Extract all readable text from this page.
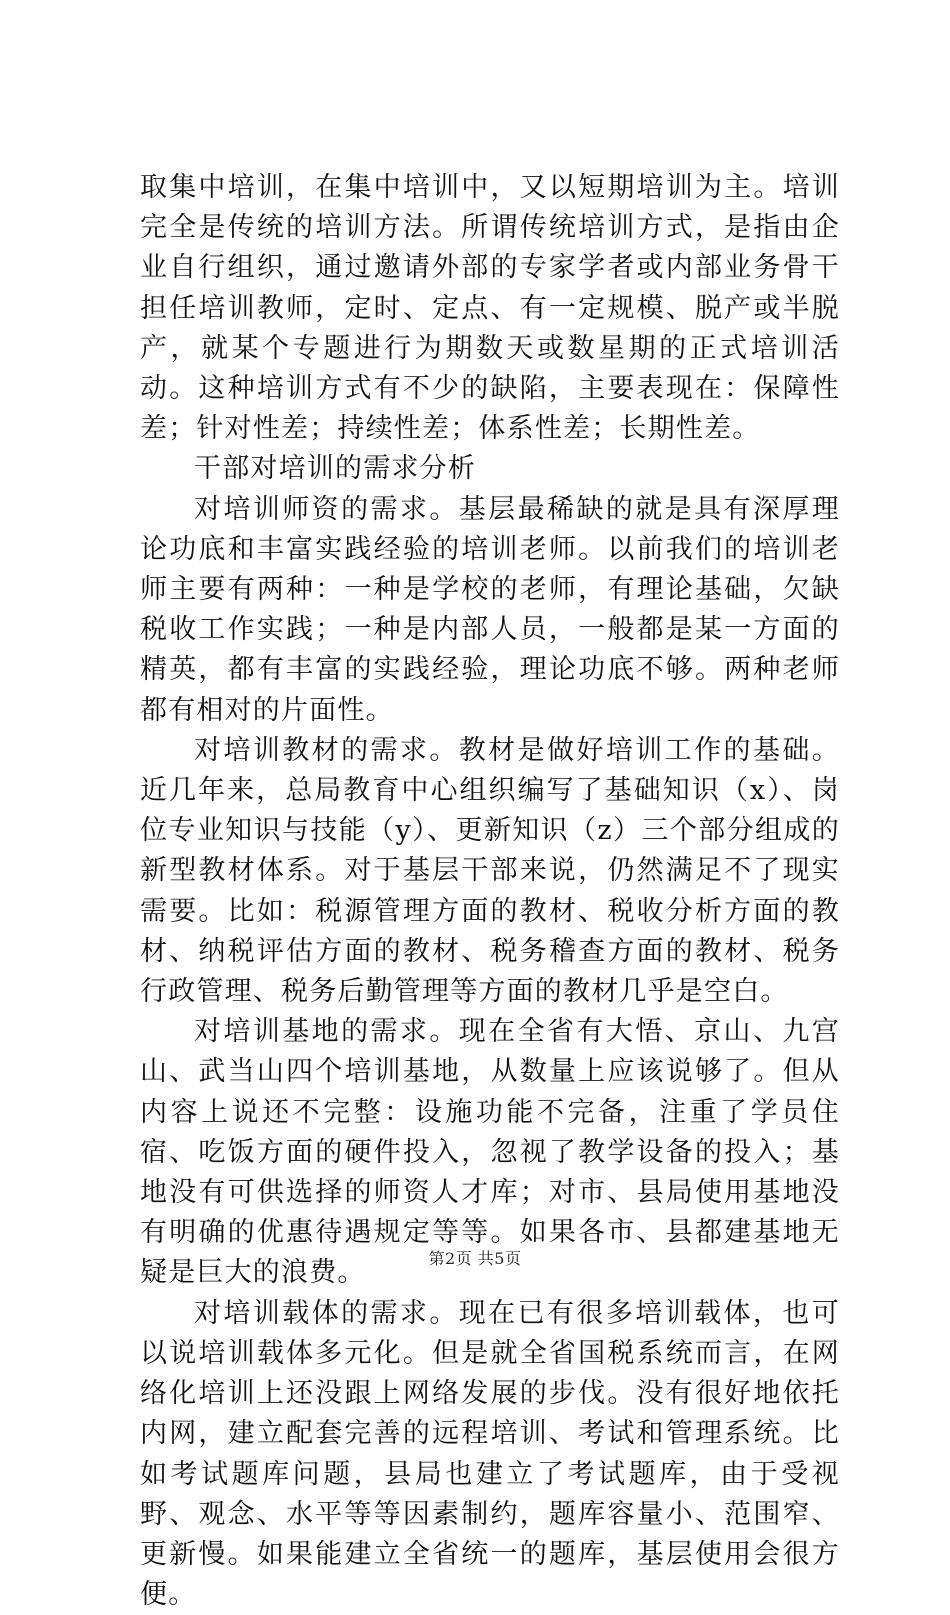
取集中培训，在集中培训中，又以短期培训为主。培训完全是传统的培训方法。所谓传统培训方式，是指由企业自行组织，通过邀请外部的专家学者或内部业务骨干担任培训教师，定时、定点、有一定规模、脱产或半脱产，就某个专题进行为期数天或数星期的正式培训活动。这种培训方式有不少的缺陷，主要表现在：保障性差；针对性差；持续性差；体系性差；长期性差。

干部对培训的需求分析

对培训师资的需求。基层最稀缺的就是具有深厚理论功底和丰富实践经验的培训老师。以前我们的培训老师主要有两种：一种是学校的老师，有理论基础，欠缺税收工作实践；一种是内部人员，一般都是某一方面的精英，都有丰富的实践经验，理论功底不够。两种老师都有相对的片面性。

对培训教材的需求。教材是做好培训工作的基础。近几年来，总局教育中心组织编写了基础知识（x）、岗位专业知识与技能（y）、更新知识（z）三个部分组成的新型教材体系。对于基层干部来说，仍然满足不了现实需要。比如：税源管理方面的教材、税收分析方面的教材、纳税评估方面的教材、税务稽查方面的教材、税务行政管理、税务后勤管理等方面的教材几乎是空白。

对培训基地的需求。现在全省有大悟、京山、九宫山、武当山四个培训基地，从数量上应该说够了。但从内容上说还不完整：设施功能不完备，注重了学员住宿、吃饭方面的硬件投入，忽视了教学设备的投入；基地没有可供选择的师资人才库；对市、县局使用基地没有明确的优惠待遇规定等等。如果各市、县都建基地无疑是巨大的浪费。

对培训载体的需求。现在已有很多培训载体，也可以说培训载体多元化。但是就全省国税系统而言，在网络化培训上还没跟上网络发展的步伐。没有很好地依托内网，建立配套完善的远程培训、考试和管理系统。比如考试题库问题，县局也建立了考试题库，由于受视野、观念、水平等等因素制约，题库容量小、范围窄、更新慢。如果能建立全省统一的题库，基层使用会很方便。

第2页 共5页
